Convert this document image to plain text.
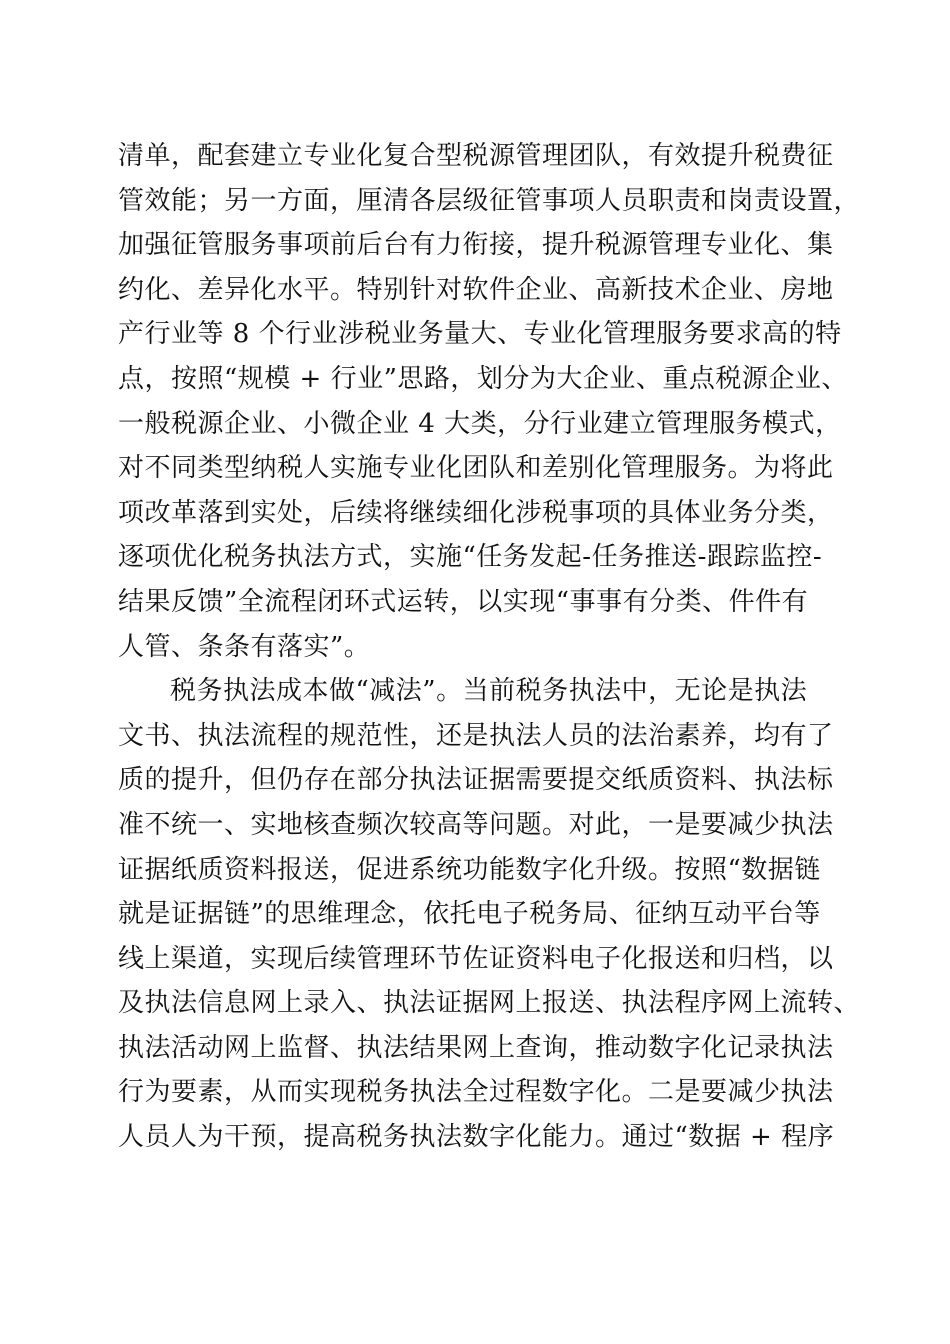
清单，配套建立专业化复合型税源管理团队，有效提升税费征
管效能；另一方面，厘清各层级征管事项人员职责和岗责设置，
加强征管服务事项前后台有力衔接，提升税源管理专业化、集
约化、差异化水平。特别针对软件企业、高新技术企业、房地
产行业等 8 个行业涉税业务量大、专业化管理服务要求高的特
点，按照“规模 + 行业”思路，划分为大企业、重点税源企业、
一般税源企业、小微企业 4 大类，分行业建立管理服务模式，
对不同类型纳税人实施专业化团队和差别化管理服务。为将此
项改革落到实处，后续将继续细化涉税事项的具体业务分类，
逐项优化税务执法方式，实施“任务发起-任务推送-跟踪监控-
结果反馈”全流程闭环式运转，以实现“事事有分类、件件有
人管、条条有落实”。
税务执法成本做“减法”。当前税务执法中，无论是执法
文书、执法流程的规范性，还是执法人员的法治素养，均有了
质的提升，但仍存在部分执法证据需要提交纸质资料、执法标
准不统一、实地核查频次较高等问题。对此，一是要减少执法
证据纸质资料报送，促进系统功能数字化升级。按照“数据链
就是证据链”的思维理念，依托电子税务局、征纳互动平台等
线上渠道，实现后续管理环节佐证资料电子化报送和归档，以
及执法信息网上录入、执法证据网上报送、执法程序网上流转、
执法活动网上监督、执法结果网上查询，推动数字化记录执法
行为要素，从而实现税务执法全过程数字化。二是要减少执法
人员人为干预，提高税务执法数字化能力。通过“数据 + 程序
